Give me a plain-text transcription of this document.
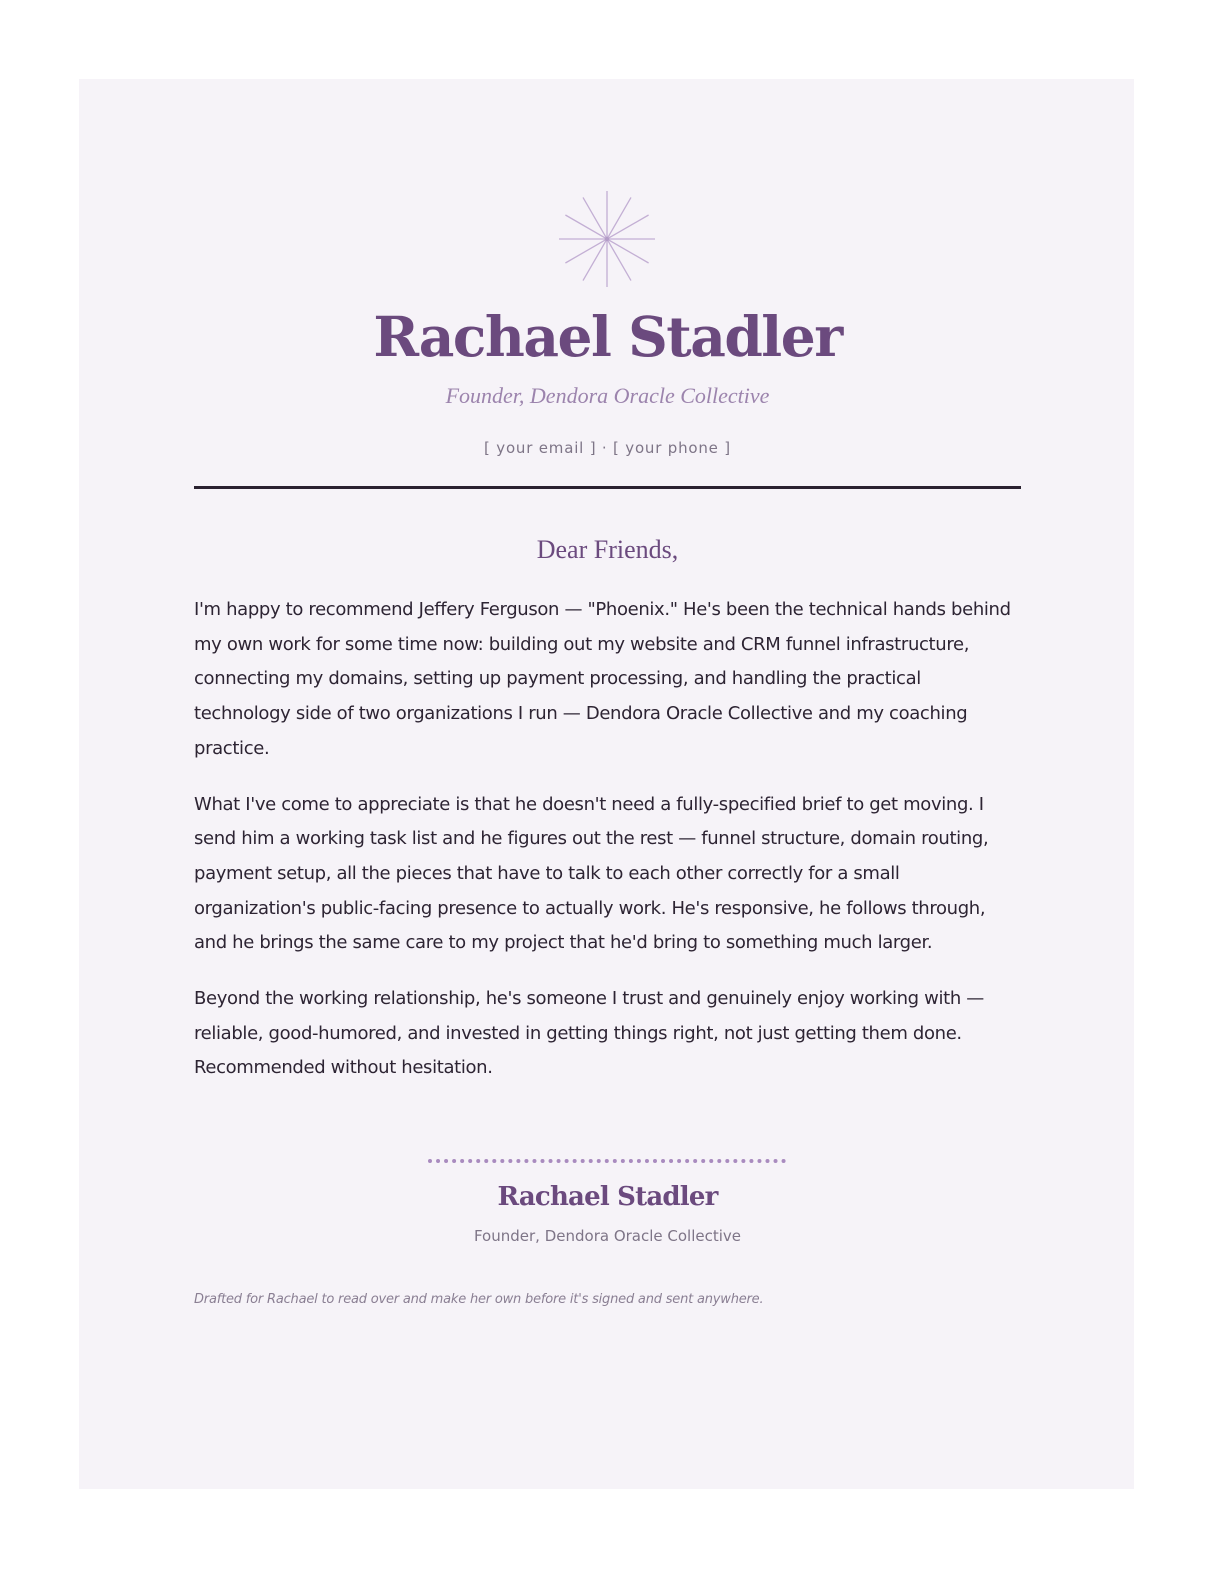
Rachael Stadler
Founder, Dendora Oracle Collective
[ your email ] · [ your phone ]
Dear Friends,

I'm happy to recommend Jeffery Ferguson — "Phoenix." He's been the technical hands behind my own work for some time now: building out my website and CRM funnel infrastructure, connecting my domains, setting up payment processing, and handling the practical technology side of two organizations I run — Dendora Oracle Collective and my coaching practice.

What I've come to appreciate is that he doesn't need a fully-specified brief to get moving. I send him a working task list and he figures out the rest — funnel structure, domain routing, payment setup, all the pieces that have to talk to each other correctly for a small organization's public-facing presence to actually work. He's responsive, he follows through, and he brings the same care to my project that he'd bring to something much larger.

Beyond the working relationship, he's someone I trust and genuinely enjoy working with — reliable, good-humored, and invested in getting things right, not just getting them done. Recommended without hesitation.

Rachael Stadler
Founder, Dendora Oracle Collective
Drafted for Rachael to read over and make her own before it's signed and sent anywhere.
